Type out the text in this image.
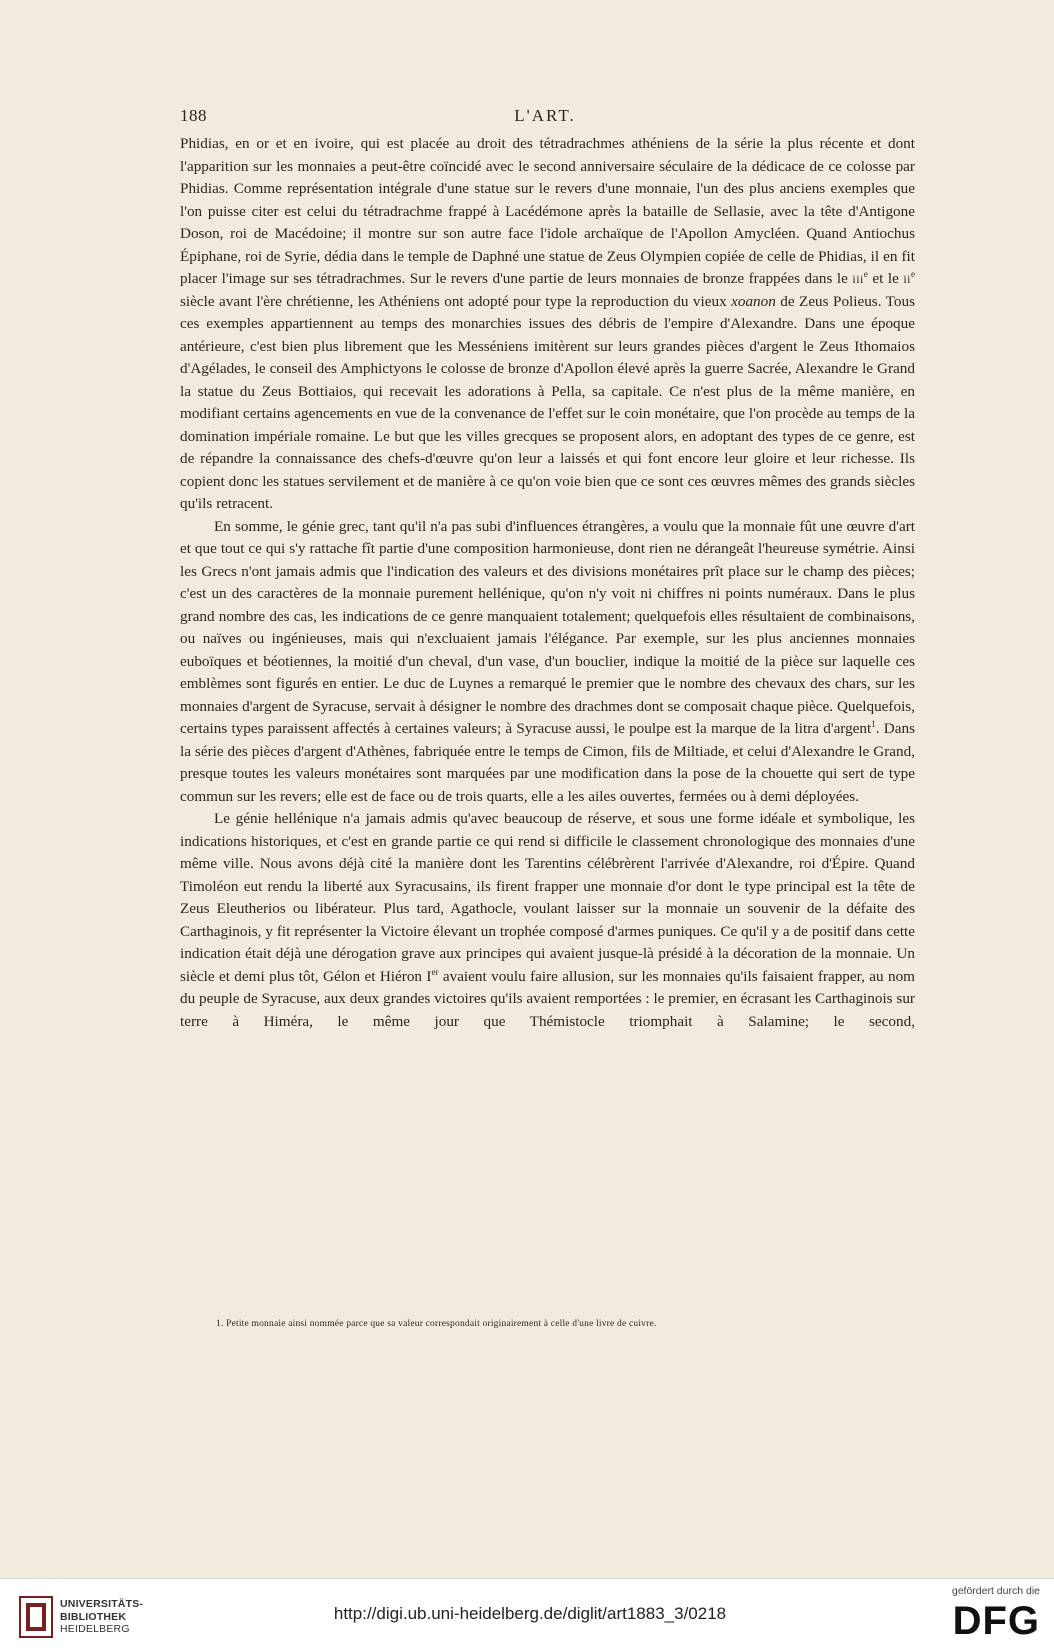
188	L'ART.

Phidias, en or et en ivoire, qui est placée au droit des tétradrachmes athéniens de la série la plus récente et dont l'apparition sur les monnaies a peut-être coïncidé avec le second anniversaire séculaire de la dédicace de ce colosse par Phidias. Comme représentation intégrale d'une statue sur le revers d'une monnaie, l'un des plus anciens exemples que l'on puisse citer est celui du tétradrachme frappé à Lacédémone après la bataille de Sellasie, avec la tête d'Antigone Doson, roi de Macédoine; il montre sur son autre face l'idole archaïque de l'Apollon Amycléen. Quand Antiochus Épiphane, roi de Syrie, dédia dans le temple de Daphné une statue de Zeus Olympien copiée de celle de Phidias, il en fit placer l'image sur ses tétradrachmes. Sur le revers d'une partie de leurs monnaies de bronze frappées dans le iii$^e$ et le $ii^e$ siècle avant l'ère chrétienne, les Athéniens ont adopté pour type la reproduction du vieux xoanon de Zeus Polieus. Tous ces exemples appartiennent au temps des monarchies issues des débris de l'empire d'Alexandre. Dans une époque antérieure, c'est bien plus librement que les Messéniens imitèrent sur leurs grandes pièces d'argent le Zeus Ithomaios d'Agélades, le conseil des Amphictyons le colosse de bronze d'Apollon élevé après la guerre Sacrée, Alexandre le Grand la statue du Zeus Bottiaios, qui recevait les adorations à Pella, sa capitale. Ce n'est plus de la même manière, en modifiant certains agencements en vue de la convenance de l'effet sur le coin monétaire, que l'on procède au temps de la domination impériale romaine. Le but que les villes grecques se proposent alors, en adoptant des types de ce genre, est de répandre la connaissance des chefs-d'œuvre qu'on leur a laissés et qui font encore leur gloire et leur richesse. Ils copient donc les statues servilement et de manière à ce qu'on voie bien que ce sont ces œuvres mêmes des grands siècles qu'ils retracent.

En somme, le génie grec, tant qu'il n'a pas subi d'influences étrangères, a voulu que la monnaie fût une œuvre d'art et que tout ce qui s'y rattache fît partie d'une composition harmonieuse, dont rien ne dérangeât l'heureuse symétrie. Ainsi les Grecs n'ont jamais admis que l'indication des valeurs et des divisions monétaires prît place sur le champ des pièces; c'est un des caractères de la monnaie purement hellénique, qu'on n'y voit ni chiffres ni points numéraux. Dans le plus grand nombre des cas, les indications de ce genre manquaient totalement; quelquefois elles résultaient de combinaisons, ou naïves ou ingénieuses, mais qui n'excluaient jamais l'élégance. Par exemple, sur les plus anciennes monnaies euboïques et béotiennes, la moitié d'un cheval, d'un vase, d'un bouclier, indique la moitié de la pièce sur laquelle ces emblèmes sont figurés en entier. Le duc de Luynes a remarqué le premier que le nombre des chevaux des chars, sur les monnaies d'argent de Syracuse, servait à désigner le nombre des drachmes dont se composait chaque pièce. Quelquefois, certains types paraissent affectés à certaines valeurs; à Syracuse aussi, le poulpe est la marque de la litra d'argent$^1$. Dans la série des pièces d'argent d'Athènes, fabriquée entre le temps de Cimon, fils de Miltiade, et celui d'Alexandre le Grand, presque toutes les valeurs monétaires sont marquées par une modification dans la pose de la chouette qui sert de type commun sur les revers; elle est de face ou de trois quarts, elle a les ailes ouvertes, fermées ou à demi déployées.

Le génie hellénique n'a jamais admis qu'avec beaucoup de réserve, et sous une forme idéale et symbolique, les indications historiques, et c'est en grande partie ce qui rend si difficile le classement chronologique des monnaies d'une même ville. Nous avons déjà cité la manière dont les Tarentins célébrèrent l'arrivée d'Alexandre, roi d'Épire. Quand Timoléon eut rendu la liberté aux Syracusains, ils firent frapper une monnaie d'or dont le type principal est la tête de Zeus Eleutherios ou libérateur. Plus tard, Agathocle, voulant laisser sur la monnaie un souvenir de la défaite des Carthaginois, y fit représenter la Victoire élevant un trophée composé d'armes puniques. Ce qu'il y a de positif dans cette indication était déjà une dérogation grave aux principes qui avaient jusque-là présidé à la décoration de la monnaie. Un siècle et demi plus tôt, Gélon et Hiéron Ier avaient voulu faire allusion, sur les monnaies qu'ils faisaient frapper, au nom du peuple de Syracuse, aux deux grandes victoires qu'ils avaient remportées : le premier, en écrasant les Carthaginois sur terre à Himéra, le même jour que Thémistocle triomphait à Salamine; le second,

1. Petite monnaie ainsi nommée parce que sa valeur correspondait originairement à celle d'une livre de cuivre.
UNIVERSITÄTS-
BIBLIOTHEK
HEIDELBERG
http://digi.ub.uni-heidelberg.de/diglit/art1883_3/0218
gefördert durch die
DFG
